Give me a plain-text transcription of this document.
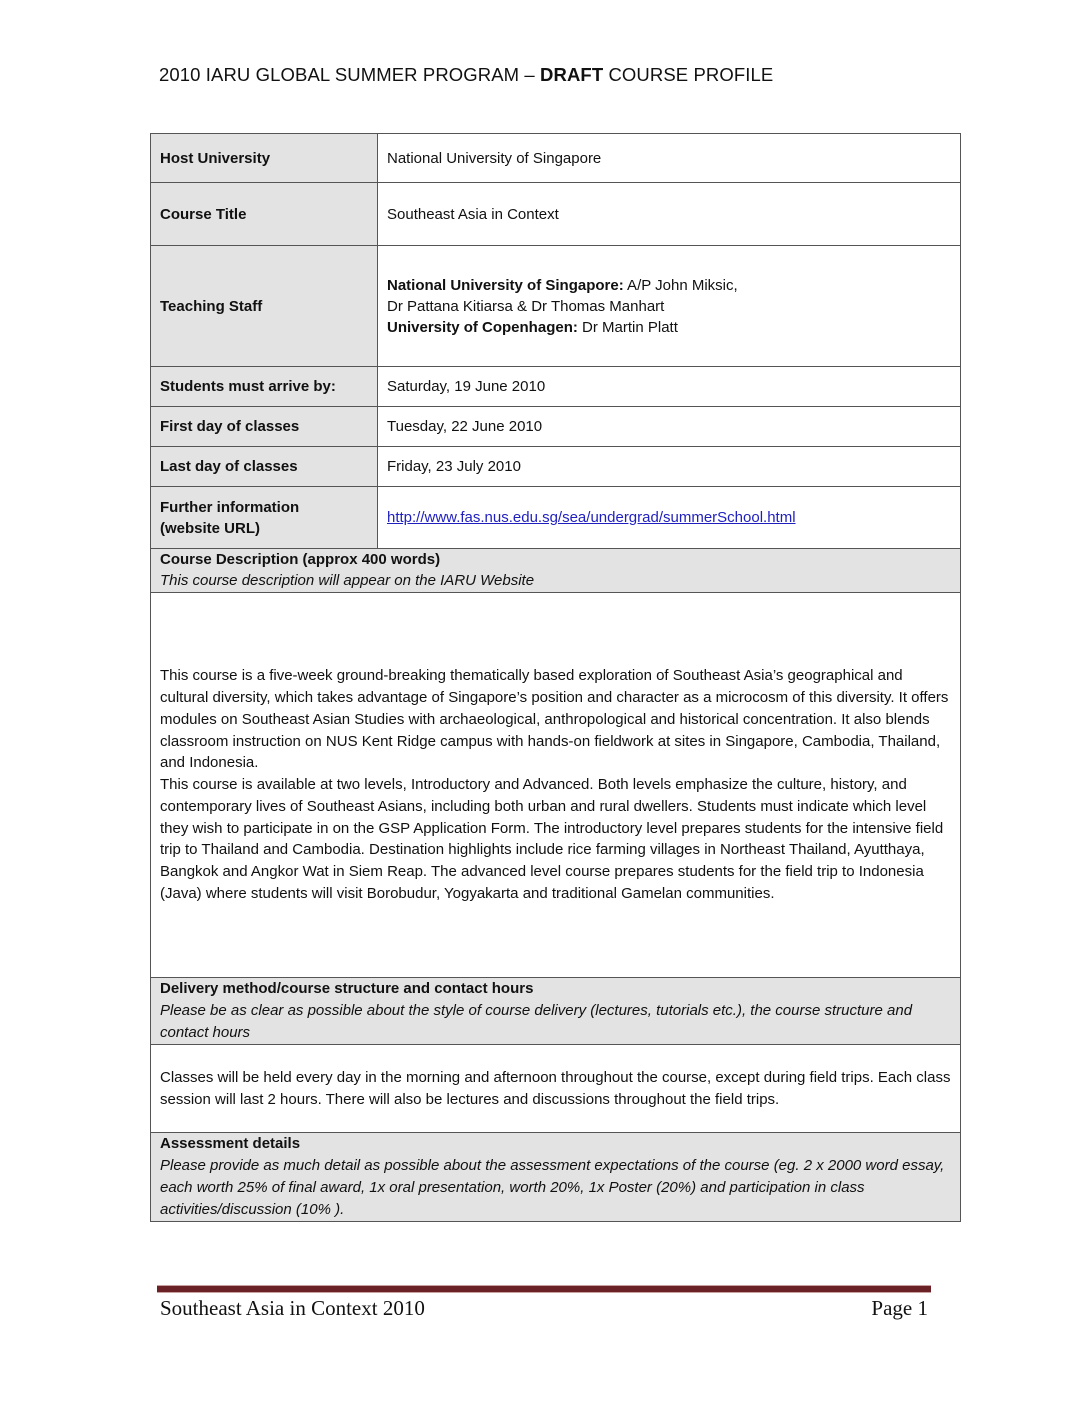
2010 IARU GLOBAL SUMMER PROGRAM – DRAFT COURSE PROFILE
Host University	National University of Singapore
Course Title	Southeast Asia in Context
Teaching Staff	National University of Singapore: A/P John Miksic,
Dr Pattana Kitiarsa & Dr Thomas Manhart
University of Copenhagen: Dr Martin Platt

Students must arrive by:	Saturday, 19 June 2010
First day of classes	Tuesday, 22 June 2010
Last day of classes	Friday, 23 July 2010

Further information
(website URL)	http://www.fas.nus.edu.sg/sea/undergrad/summerSchool.html

Course Description (approx 400 words)
This course description will appear on the IARU Website	

This course is a five-week ground-breaking thematically based exploration of Southeast Asia’s geographical and cultural diversity, which takes advantage of Singapore’s position and character as a microcosm of this diversity. It offers modules on Southeast Asian Studies with archaeological, anthropological and historical concentration. It also blends classroom instruction on NUS Kent Ridge campus with hands-on fieldwork at sites in Singapore, Cambodia, Thailand, and Indonesia.
This course is available at two levels, Introductory and Advanced. Both levels emphasize the culture, history, and contemporary lives of Southeast Asians, including both urban and rural dwellers. Students must indicate which level they wish to participate in on the GSP Application Form. The introductory level prepares students for the intensive field trip to Thailand and Cambodia. Destination highlights include rice farming villages in Northeast Thailand, Ayutthaya, Bangkok and Angkor Wat in Siem Reap. The advanced level course prepares students for the field trip to Indonesia (Java) where students will visit Borobudur, Yogyakarta and traditional Gamelan communities.	

Delivery method/course structure and contact hours
Please be as clear as possible about the style of course delivery (lectures, tutorials etc.), the course structure and contact hours	

Classes will be held every day in the morning and afternoon throughout the course, except during field trips. Each class session will last 2 hours. There will also be lectures and discussions throughout the field trips.	

Assessment details
Please provide as much detail as possible about the assessment expectations of the course (eg. 2 x 2000 word essay, each worth 25% of final award, 1x oral presentation, worth 20%, 1x Poster (20%) and participation in class activities/discussion (10% ).	
Southeast Asia in Context 2010	Page 1
